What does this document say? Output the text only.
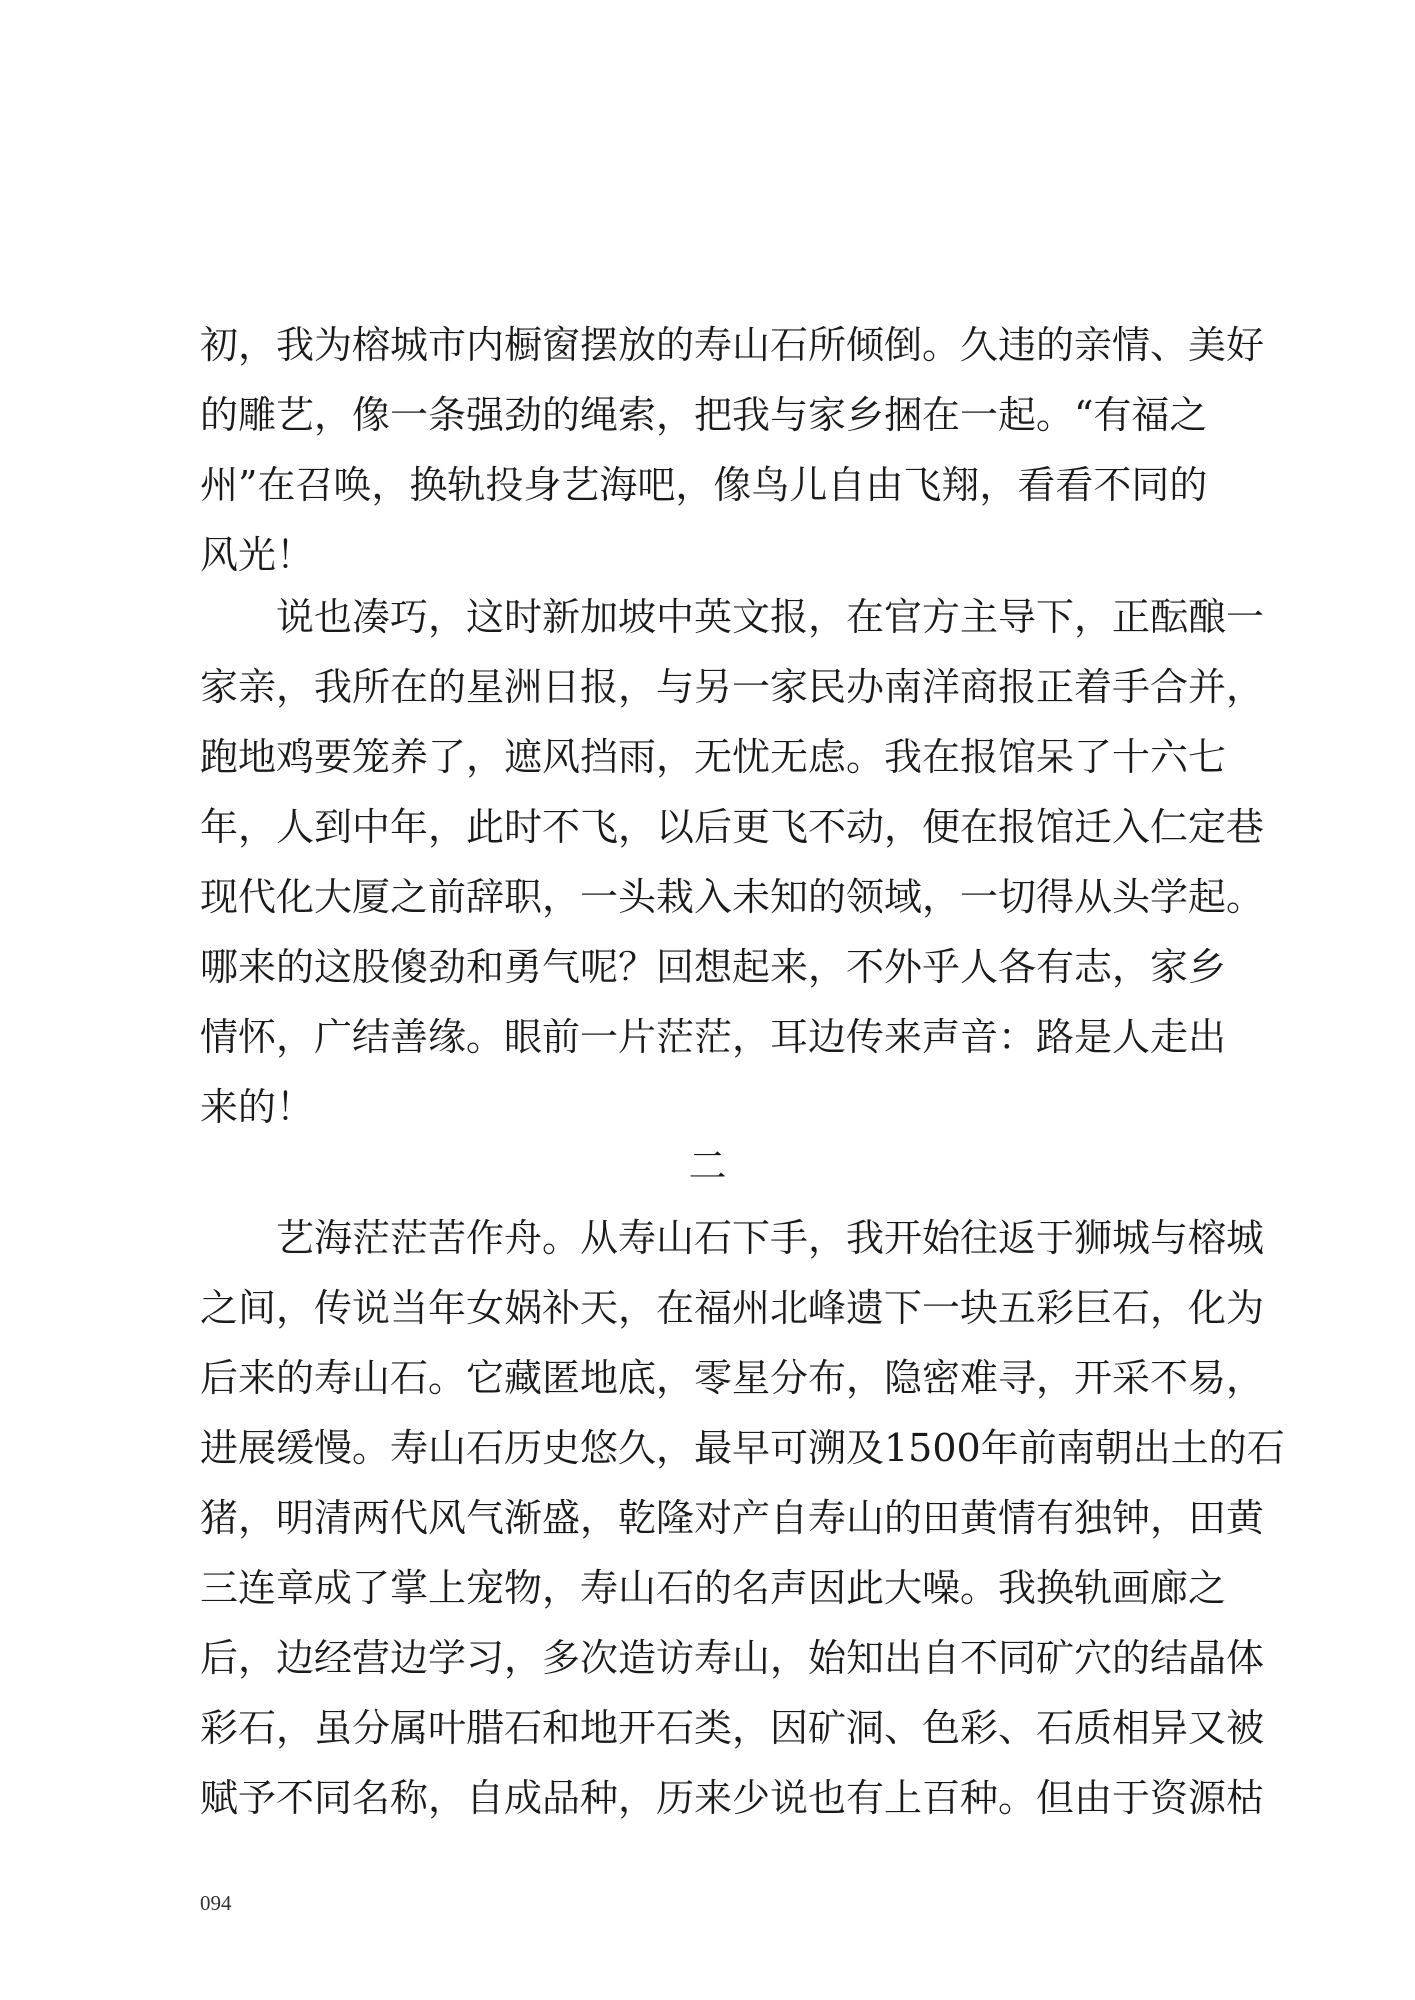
初，我为榕城市内橱窗摆放的寿山石所倾倒。久违的亲情、美好
的雕艺，像一条强劲的绳索，把我与家乡捆在一起。“有福之
州”在召唤，换轨投身艺海吧，像鸟儿自由飞翔，看看不同的
风光！
　　说也凑巧，这时新加坡中英文报，在官方主导下，正酝酿一
家亲，我所在的星洲日报，与另一家民办南洋商报正着手合并，
跑地鸡要笼养了，遮风挡雨，无忧无虑。我在报馆呆了十六七
年，人到中年，此时不飞，以后更飞不动，便在报馆迁入仁定巷
现代化大厦之前辞职，一头栽入未知的领域，一切得从头学起。
哪来的这股傻劲和勇气呢？回想起来，不外乎人各有志，家乡
情怀，广结善缘。眼前一片茫茫，耳边传来声音：路是人走出
来的！
二
　　艺海茫茫苦作舟。从寿山石下手，我开始往返于狮城与榕城
之间，传说当年女娲补天，在福州北峰遗下一块五彩巨石，化为
后来的寿山石。它藏匿地底，零星分布，隐密难寻，开采不易，
进展缓慢。寿山石历史悠久，最早可溯及1500年前南朝出土的石
猪，明清两代风气渐盛，乾隆对产自寿山的田黄情有独钟，田黄
三连章成了掌上宠物，寿山石的名声因此大噪。我换轨画廊之
后，边经营边学习，多次造访寿山，始知出自不同矿穴的结晶体
彩石，虽分属叶腊石和地开石类，因矿洞、色彩、石质相异又被
赋予不同名称，自成品种，历来少说也有上百种。但由于资源枯
094
